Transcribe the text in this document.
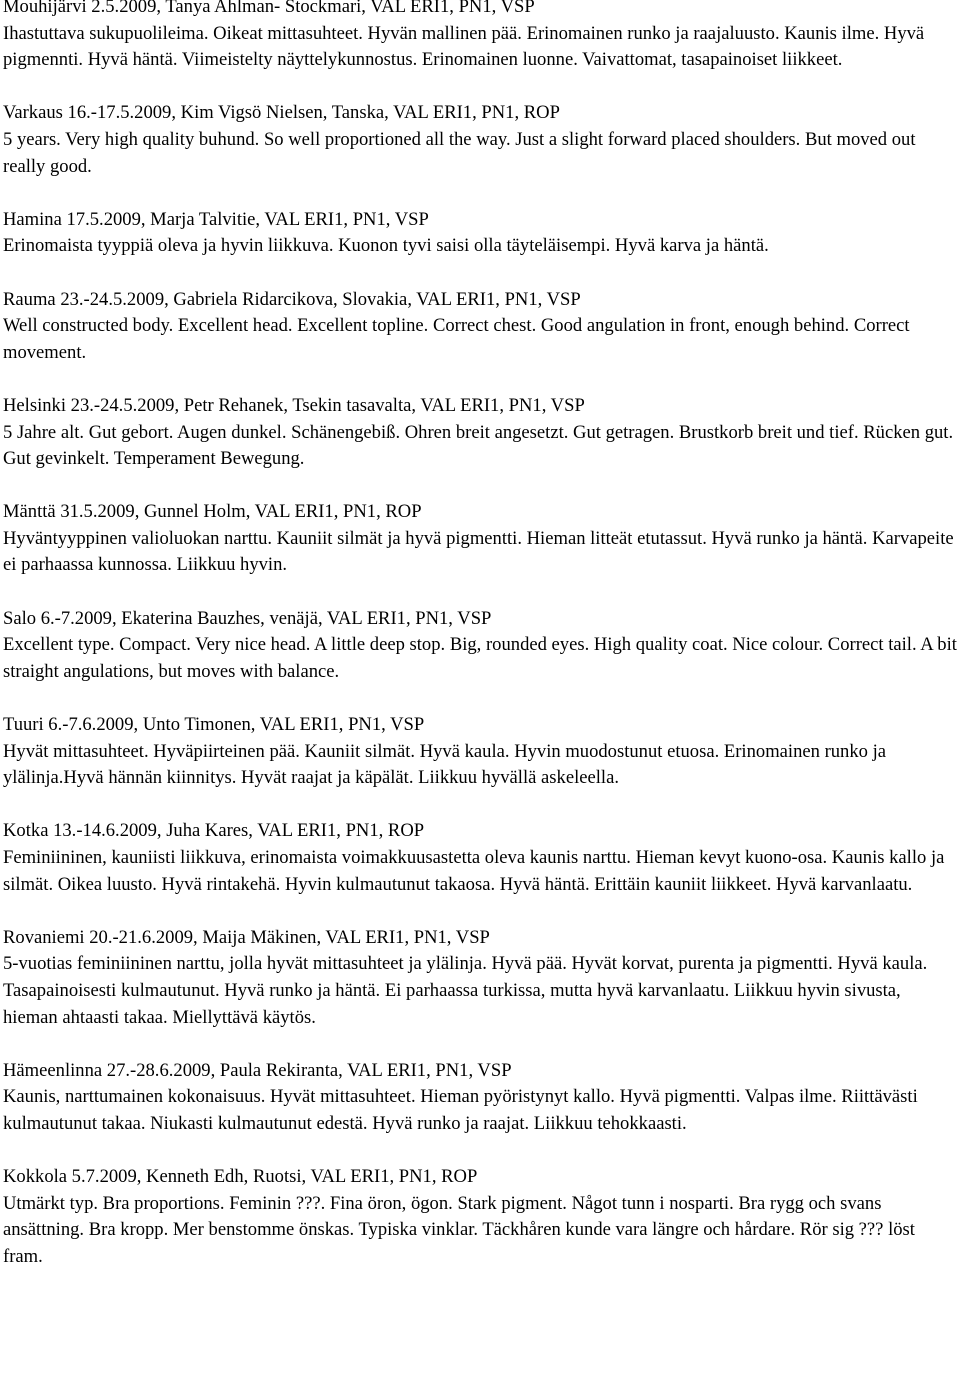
Mouhijärvi 2.5.2009, Tanya Ahlman- Stockmari, VAL ERI1, PN1, VSP
Ihastuttava sukupuolileima. Oikeat mittasuhteet. Hyvän mallinen pää. Erinomainen runko ja raajaluusto. Kaunis ilme. Hyvä pigmennti. Hyvä häntä. Viimeistelty näyttelykunnostus. Erinomainen luonne. Vaivattomat, tasapainoiset liikkeet.
Varkaus 16.-17.5.2009, Kim Vigsö Nielsen, Tanska, VAL ERI1, PN1, ROP
5 years. Very high quality buhund. So well proportioned all the way. Just a slight forward placed shoulders. But moved out really good.
Hamina 17.5.2009, Marja Talvitie, VAL ERI1, PN1, VSP
Erinomaista tyyppiä oleva ja hyvin liikkuva. Kuonon tyvi saisi olla täyteläisempi. Hyvä karva ja häntä.
Rauma 23.-24.5.2009, Gabriela Ridarcikova, Slovakia, VAL ERI1, PN1, VSP
Well constructed body. Excellent head. Excellent topline. Correct chest. Good angulation in front, enough behind. Correct movement.
Helsinki 23.-24.5.2009, Petr Rehanek, Tsekin tasavalta, VAL ERI1, PN1, VSP
5 Jahre alt. Gut gebort. Augen dunkel. Schänengebiß. Ohren breit angesetzt. Gut getragen. Brustkorb breit und tief. Rücken gut. Gut gevinkelt. Temperament Bewegung.
Mänttä 31.5.2009, Gunnel Holm, VAL ERI1, PN1, ROP
Hyväntyyppinen valioluokan narttu. Kauniit silmät ja hyvä pigmentti. Hieman litteät etutassut. Hyvä runko ja häntä. Karvapeite ei parhaassa kunnossa. Liikkuu hyvin.
Salo 6.-7.2009, Ekaterina Bauzhes, venäjä, VAL ERI1, PN1, VSP
Excellent type. Compact. Very nice head. A little deep stop. Big, rounded eyes. High quality coat. Nice colour. Correct tail. A bit straight angulations, but moves with balance.
Tuuri 6.-7.6.2009, Unto Timonen, VAL ERI1, PN1, VSP
Hyvät mittasuhteet. Hyväpiirteinen pää. Kauniit silmät. Hyvä kaula. Hyvin muodostunut etuosa. Erinomainen runko ja ylälinja.Hyvä hännän kiinnitys. Hyvät raajat ja käpälät. Liikkuu hyvällä askeleella.
Kotka 13.-14.6.2009, Juha Kares, VAL ERI1, PN1, ROP
Feminiininen, kauniisti liikkuva, erinomaista voimakkuusastetta oleva kaunis narttu. Hieman kevyt kuono-osa. Kaunis kallo ja silmät. Oikea luusto. Hyvä rintakehä. Hyvin kulmautunut takaosa. Hyvä häntä. Erittäin kauniit liikkeet. Hyvä karvanlaatu.
Rovaniemi 20.-21.6.2009, Maija Mäkinen, VAL ERI1, PN1, VSP
5-vuotias feminiininen narttu, jolla hyvät mittasuhteet ja ylälinja. Hyvä pää. Hyvät korvat, purenta ja pigmentti. Hyvä kaula. Tasapainoisesti kulmautunut. Hyvä runko ja häntä. Ei parhaassa turkissa, mutta hyvä karvanlaatu. Liikkuu hyvin sivusta, hieman ahtaasti takaa. Miellyttävä käytös.
Hämeenlinna 27.-28.6.2009, Paula Rekiranta, VAL ERI1, PN1, VSP
Kaunis, narttumainen kokonaisuus. Hyvät mittasuhteet. Hieman pyöristynyt kallo. Hyvä pigmentti. Valpas ilme. Riittävästi kulmautunut takaa. Niukasti kulmautunut edestä. Hyvä runko ja raajat. Liikkuu tehokkaasti.
Kokkola 5.7.2009, Kenneth Edh, Ruotsi, VAL ERI1, PN1, ROP
Utmärkt typ. Bra proportions. Feminin ???. Fina öron, ögon. Stark pigment. Något tunn i nosparti. Bra rygg och svans ansättning. Bra kropp. Mer benstomme önskas. Typiska vinklar. Täckhåren kunde vara längre och hårdare. Rör sig ??? löst fram.
